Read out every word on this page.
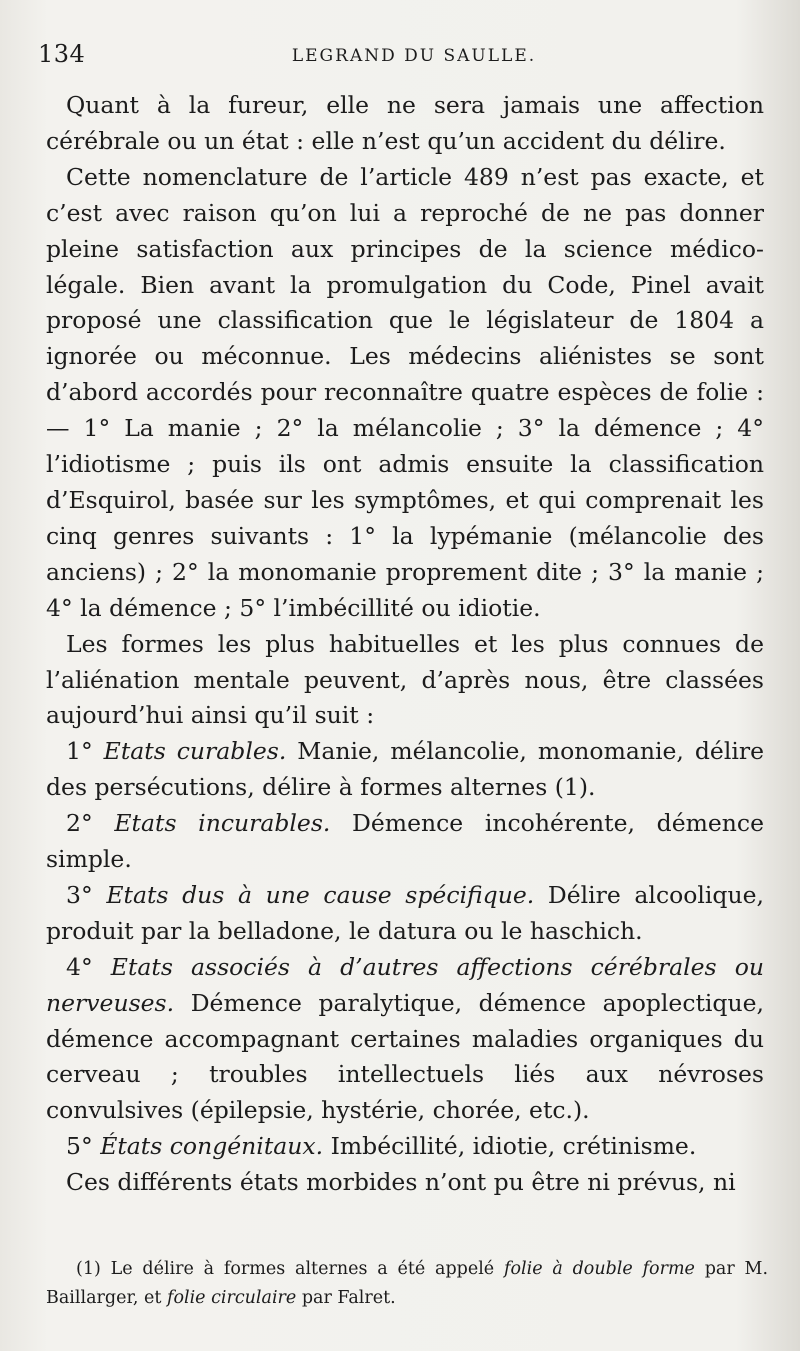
134	LEGRAND DU SAULLE.

Quant à la fureur, elle ne sera jamais une affection cérébrale ou un état : elle n’est qu’un accident du délire.

Cette nomenclature de l’article 489 n’est pas exacte, et c’est avec raison qu’on lui a reproché de ne pas donner pleine satisfaction aux principes de la science médico-légale. Bien avant la promulgation du Code, Pinel avait proposé une classification que le législateur de 1804 a ignorée ou méconnue. Les médecins aliénistes se sont d’abord accordés pour reconnaître quatre espèces de folie : — 1° La manie ; 2° la mélancolie ; 3° la démence ; 4° l’idiotisme ; puis ils ont admis ensuite la classification d’Esquirol, basée sur les symptômes, et qui comprenait les cinq genres suivants : 1° la lypémanie (mélancolie des anciens) ; 2° la monomanie proprement dite ; 3° la manie ; 4° la démence ; 5° l’imbécillité ou idiotie.

Les formes les plus habituelles et les plus connues de l’aliénation mentale peuvent, d’après nous, être classées aujourd’hui ainsi qu’il suit :

1° Etats curables. Manie, mélancolie, monomanie, délire des persécutions, délire à formes alternes (1).

2° Etats incurables. Démence incohérente, démence simple.

3° Etats dus à une cause spécifique. Délire alcoolique, produit par la belladone, le datura ou le haschich.

4° Etats associés à d’autres affections cérébrales ou nerveuses. Démence paralytique, démence apoplectique, démence accompagnant certaines maladies organiques du cerveau ; troubles intellectuels liés aux névroses convulsives (épilepsie, hystérie, chorée, etc.).

5° États congénitaux. Imbécillité, idiotie, crétinisme.

Ces différents états morbides n’ont pu être ni prévus, ni

(1) Le délire à formes alternes a été appelé folie à double forme par M. Baillarger, et folie circulaire par Falret.
